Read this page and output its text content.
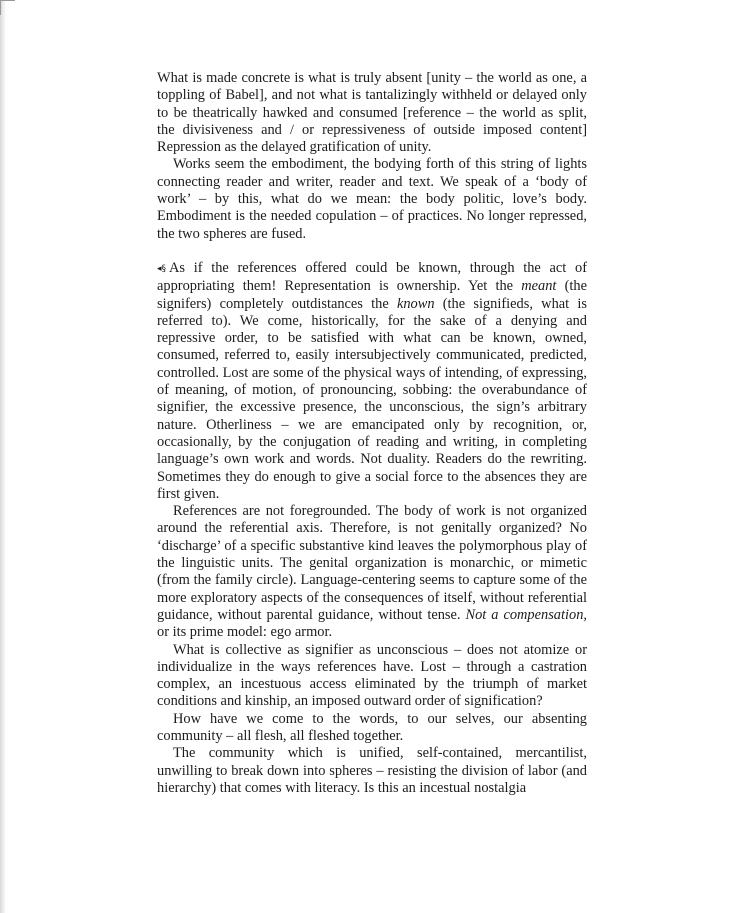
What is made concrete is what is truly absent [unity – the world as one, a toppling of Babel], and not what is tantalizingly withheld or delayed only to be theatrically hawked and consumed [reference – the world as split, the divisiveness and / or repressiveness of outside imposed content] Repression as the delayed gratification of unity.

Works seem the embodiment, the bodying forth of this string of lights connecting reader and writer, reader and text. We speak of a ‘body of work’ – by this, what do we mean: the body politic, love’s body. Embodiment is the needed copulation – of practices. No longer repressed, the two spheres are fused.

◂§ As if the references offered could be known, through the act of appropriating them! Representation is ownership. Yet the meant (the signifers) completely outdistances the known (the signifieds, what is referred to). We come, historically, for the sake of a denying and repressive order, to be satisfied with what can be known, owned, consumed, referred to, easily intersubjectively communicated, predicted, controlled. Lost are some of the physical ways of intending, of expressing, of meaning, of motion, of pronouncing, sobbing: the overabundance of signifier, the excessive presence, the unconscious, the sign’s arbitrary nature. Otherliness – we are emancipated only by recognition, or, occasionally, by the conjugation of reading and writing, in completing language’s own work and words. Not duality. Readers do the rewriting. Sometimes they do enough to give a social force to the absences they are first given.

References are not foregrounded. The body of work is not organized around the referential axis. Therefore, is not genitally organized? No ‘discharge’ of a specific substantive kind leaves the polymorphous play of the linguistic units. The genital organization is monarchic, or mimetic (from the family circle). Language-centering seems to capture some of the more exploratory aspects of the consequences of itself, without referential guidance, without parental guidance, without tense. Not a compensation, or its prime model: ego armor.

What is collective as signifier as unconscious – does not atomize or individualize in the ways references have. Lost – through a castration complex, an incestuous access eliminated by the triumph of market conditions and kinship, an imposed outward order of signification?

How have we come to the words, to our selves, our absenting community – all flesh, all fleshed together.

The community which is unified, self-contained, mercantilist, unwilling to break down into spheres – resisting the division of labor (and hierarchy) that comes with literacy. Is this an incestual nostalgia
